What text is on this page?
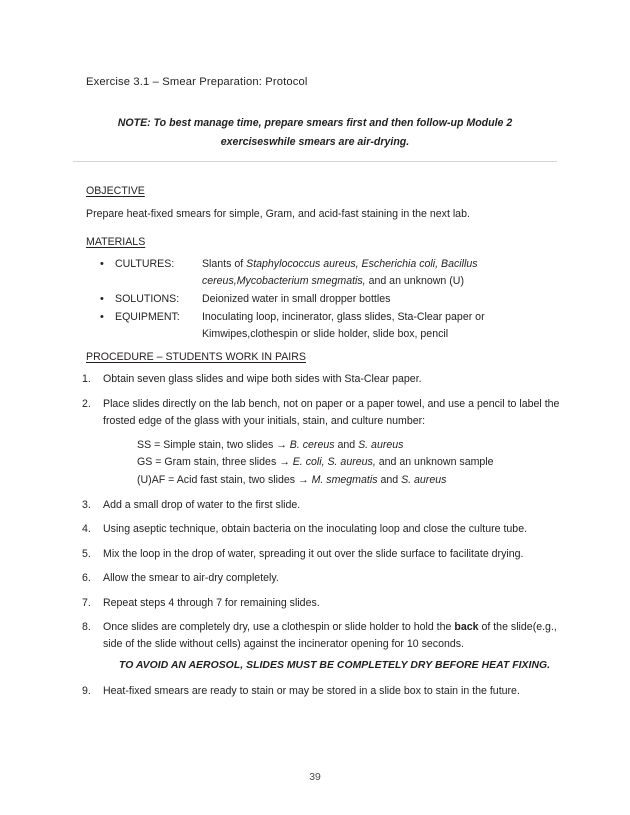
Exercise 3.1 – Smear Preparation: Protocol
NOTE: To best manage time, prepare smears first and then follow-up Module 2
exerciseswhile smears are air-drying.
OBJECTIVE
Prepare heat-fixed smears for simple, Gram, and acid-fast staining in the next lab.
MATERIALS
• CULTURES:	Slants of Staphylococcus aureus, Escherichia coli, Bacillus cereus,Mycobacterium smegmatis, and an unknown (U)
• SOLUTIONS: Deionized water in small dropper bottles
• EQUIPMENT: Inoculating loop, incinerator, glass slides, Sta-Clear paper or Kimwipes,clothespin or slide holder, slide box, pencil
PROCEDURE – STUDENTS WORK IN PAIRS
1.	Obtain seven glass slides and wipe both sides with Sta-Clear paper.
2.	Place slides directly on the lab bench, not on paper or a paper towel, and use a pencil to label the frosted edge of the glass with your initials, stain, and culture number:
SS = Simple stain, two slides → B. cereus and S. aureus
GS = Gram stain, three slides → E. coli, S. aureus, and an unknown sample
(U)AF = Acid fast stain, two slides → M. smegmatis and S. aureus
3.	Add a small drop of water to the first slide.
4.	Using aseptic technique, obtain bacteria on the inoculating loop and close the culture tube.
5.	Mix the loop in the drop of water, spreading it out over the slide surface to facilitate drying.
6.	Allow the smear to air-dry completely.
7.	Repeat steps 4 through 7 for remaining slides.
8.	Once slides are completely dry, use a clothespin or slide holder to hold the back of the slide(e.g., side of the slide without cells) against the incinerator opening for 10 seconds.
TO AVOID AN AEROSOL, SLIDES MUST BE COMPLETELY DRY BEFORE HEAT FIXING.
9.	Heat-fixed smears are ready to stain or may be stored in a slide box to stain in the future.
39
